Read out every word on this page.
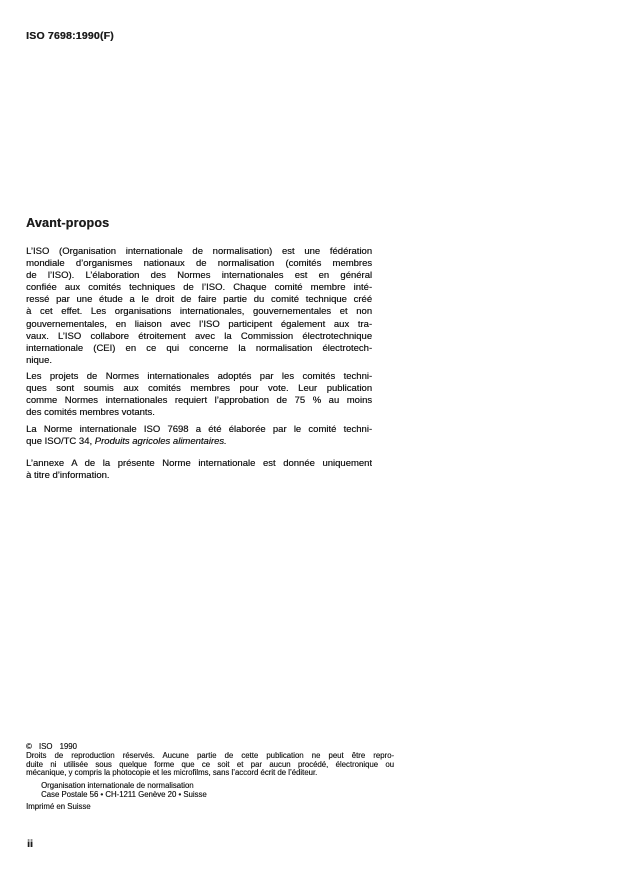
ISO 7698:1990(F)
Avant-propos
L’ISO (Organisation internationale de normalisation) est une fédération
mondiale d’organismes nationaux de normalisation (comités membres
de l’ISO). L’élaboration des Normes internationales est en général
confiée aux comités techniques de l’ISO. Chaque comité membre inté-
ressé par une étude a le droit de faire partie du comité technique créé
à cet effet. Les organisations internationales, gouvernementales et non
gouvernementales, en liaison avec l’ISO participent également aux tra-
vaux. L’ISO collabore étroitement avec la Commission électrotechnique
internationale (CEI) en ce qui concerne la normalisation électrotech-
nique.
Les projets de Normes internationales adoptés par les comités techni-
ques sont soumis aux comités membres pour vote. Leur publication
comme Normes internationales requiert l’approbation de 75 % au moins
des comités membres votants.
La Norme internationale ISO 7698 a été élaborée par le comité techni-
que ISO/TC 34, Produits agricoles alimentaires.
L’annexe A de la présente Norme internationale est donnée uniquement
à titre d’information.
© ISO 1990
Droits de reproduction réservés. Aucune partie de cette publication ne peut être repro-
duite ni utilisée sous quelque forme que ce soit et par aucun procédé, électronique ou
mécanique, y compris la photocopie et les microfilms, sans l’accord écrit de l’éditeur.
Organisation internationale de normalisation
Case Postale 56 • CH-1211 Genève 20 • Suisse
Imprimé en Suisse
ii
